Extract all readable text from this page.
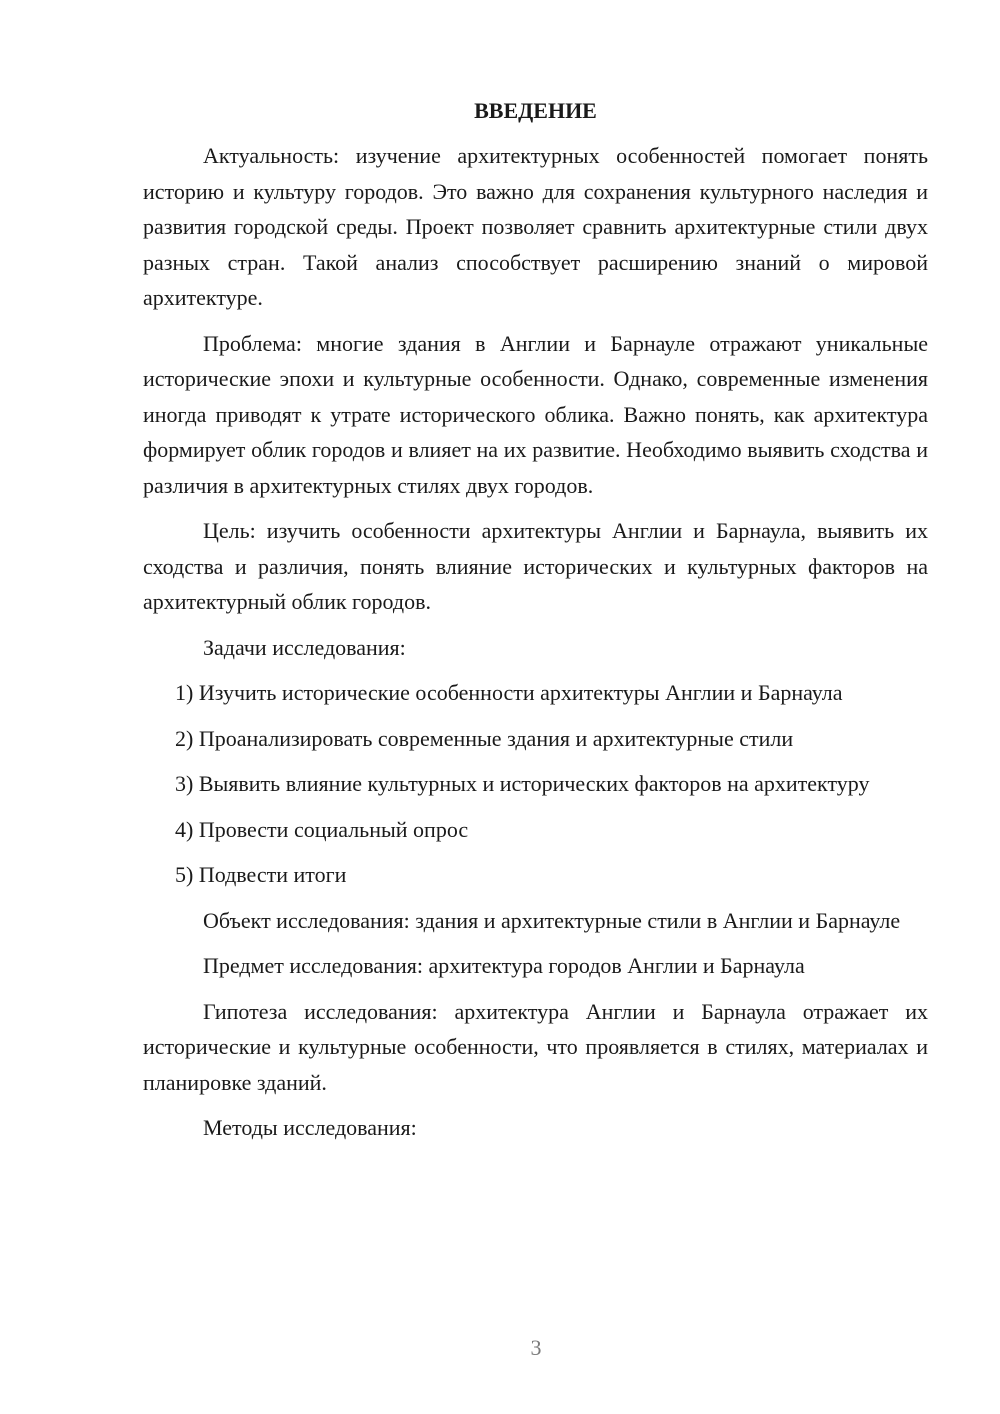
ВВЕДЕНИЕ

Актуальность: изучение архитектурных особенностей помогает понять историю и культуру городов. Это важно для сохранения культурного наследия и развития городской среды. Проект позволяет сравнить архитектурные стили двух разных стран. Такой анализ способствует расширению знаний о мировой архитектуре.

Проблема: многие здания в Англии и Барнауле отражают уникальные исторические эпохи и культурные особенности. Однако, современные изменения иногда приводят к утрате исторического облика. Важно понять, как архитектура формирует облик городов и влияет на их развитие. Необходимо выявить сходства и различия в архитектурных стилях двух городов.

Цель: изучить особенности архитектуры Англии и Барнаула, выявить их сходства и различия, понять влияние исторических и культурных факторов на архитектурный облик городов.

Задачи исследования:

1) Изучить исторические особенности архитектуры Англии и Барнаула

2) Проанализировать современные здания и архитектурные стили

3) Выявить влияние культурных и исторических факторов на архитектуру

4) Провести социальный опрос

5) Подвести итоги

Объект исследования: здания и архитектурные стили в Англии и Барнауле

Предмет исследования: архитектура городов Англии и Барнаула

Гипотеза исследования: архитектура Англии и Барнаула отражает их исторические и культурные особенности, что проявляется в стилях, материалах и планировке зданий.

Методы исследования:

3
